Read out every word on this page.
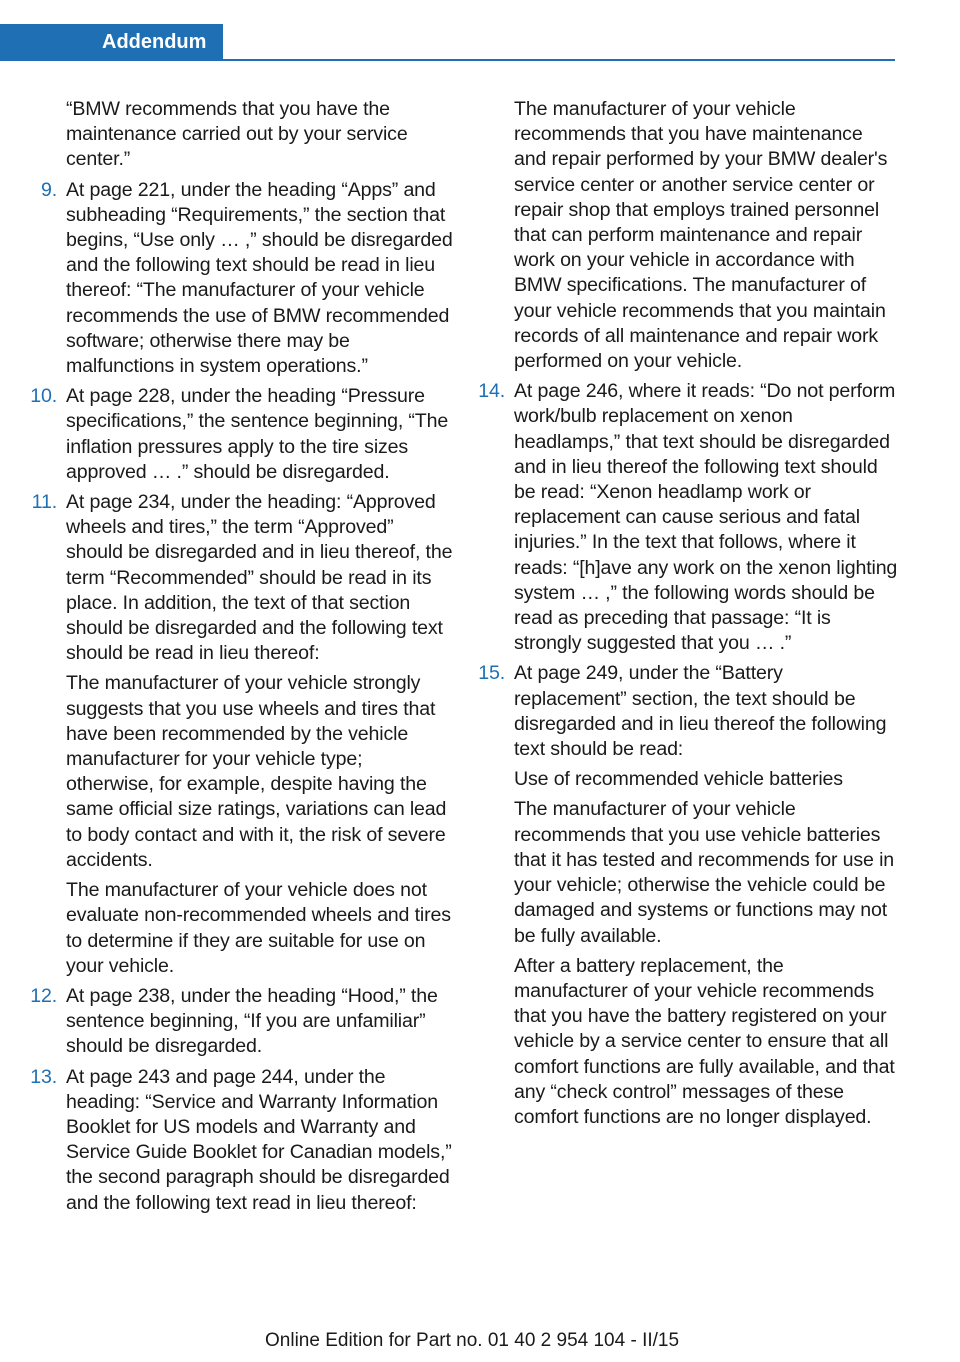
Addendum

“BMW recommends that you have the maintenance carried out by your service center.”

9. At page 221, under the heading “Apps” and subheading “Requirements,” the section that begins, “Use only … ,” should be disregarded and the following text should be read in lieu thereof: “The manufacturer of your vehicle recommends the use of BMW recommended software; otherwise there may be malfunctions in system operations.”
10. At page 228, under the heading “Pressure specifications,” the sentence beginning, “The inflation pressures apply to the tire sizes approved … .” should be disregarded.
11. At page 234, under the heading: “Approved wheels and tires,” the term “Approved” should be disregarded and in lieu thereof, the term “Recommended” should be read in its place. In addition, the text of that section should be disregarded and the following text should be read in lieu thereof:

The manufacturer of your vehicle strongly suggests that you use wheels and tires that have been recommended by the vehicle manufacturer for your vehicle type; otherwise, for example, despite having the same official size ratings, variations can lead to body contact and with it, the risk of severe accidents.

The manufacturer of your vehicle does not evaluate non-recommended wheels and tires to determine if they are suitable for use on your vehicle.

12. At page 238, under the heading “Hood,” the sentence beginning, “If you are unfamiliar” should be disregarded.
13. At page 243 and page 244, under the heading: “Service and Warranty Information Booklet for US models and Warranty and Service Guide Booklet for Canadian models,” the second paragraph should be disregarded and the following text read in lieu thereof:

The manufacturer of your vehicle recommends that you have maintenance and repair performed by your BMW dealer's service center or another service center or repair shop that employs trained personnel that can perform maintenance and repair work on your vehicle in accordance with BMW specifications. The manufacturer of your vehicle recommends that you maintain records of all maintenance and repair work performed on your vehicle.

14. At page 246, where it reads: “Do not perform work/bulb replacement on xenon headlamps,” that text should be disregarded and in lieu thereof the following text should be read: “Xenon headlamp work or replacement can cause serious and fatal injuries.” In the text that follows, where it reads: “[h]ave any work on the xenon lighting system … ,” the following words should be read as preceding that passage: “It is strongly suggested that you … .”
15. At page 249, under the “Battery replacement” section, the text should be disregarded and in lieu thereof the following text should be read:

Use of recommended vehicle batteries

The manufacturer of your vehicle recommends that you use vehicle batteries that it has tested and recommends for use in your vehicle; otherwise the vehicle could be damaged and systems or functions may not be fully available.

After a battery replacement, the manufacturer of your vehicle recommends that you have the battery registered on your vehicle by a service center to ensure that all comfort functions are fully available, and that any “check control” messages of these comfort functions are no longer displayed.

Online Edition for Part no. 01 40 2 954 104 - II/15
